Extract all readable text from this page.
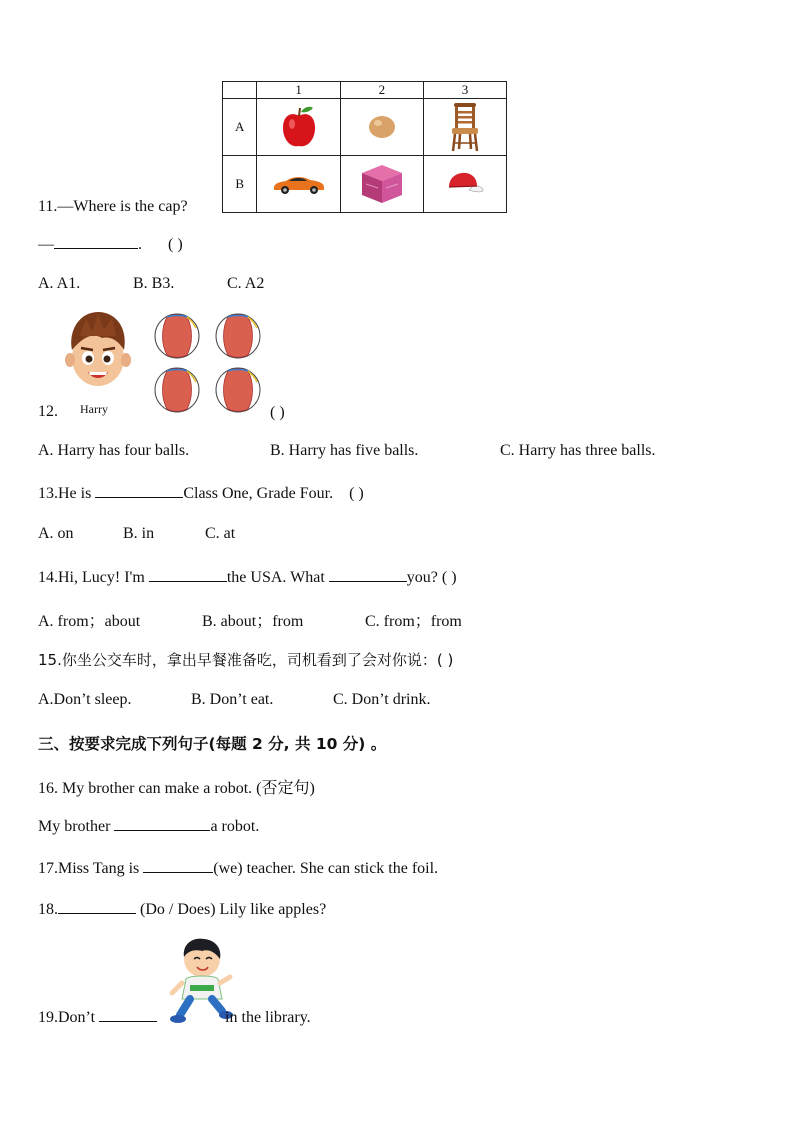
	1	2	3
A	

B	

11.—Where is the cap?
—	. ( )
A. A1.	B. B3.	C. A2
12. Harry	( )
A. Harry has four balls.	B. Harry has five balls.	C. Harry has three balls.
13.He is	Class One, Grade Four. ( )
A. on	B. in	C. at
14.Hi, Lucy! I'm	the USA. What	you? ( )
A. from；about	B. about；from	C. from；from
15.你坐公交车时，拿出早餐准备吃，司机看到了会对你说：( )
A.Don’t sleep.	B. Don’t eat.	C. Don’t drink.
三、按要求完成下列句子(每题 2 分, 共 10 分) 。
16. My brother can make a robot. (否定句)
My brother	a robot.
17.Miss Tang is	(we) teacher. She can stick the foil.
18.	(Do / Does) Lily like apples?
19.Don’t	in the library.
